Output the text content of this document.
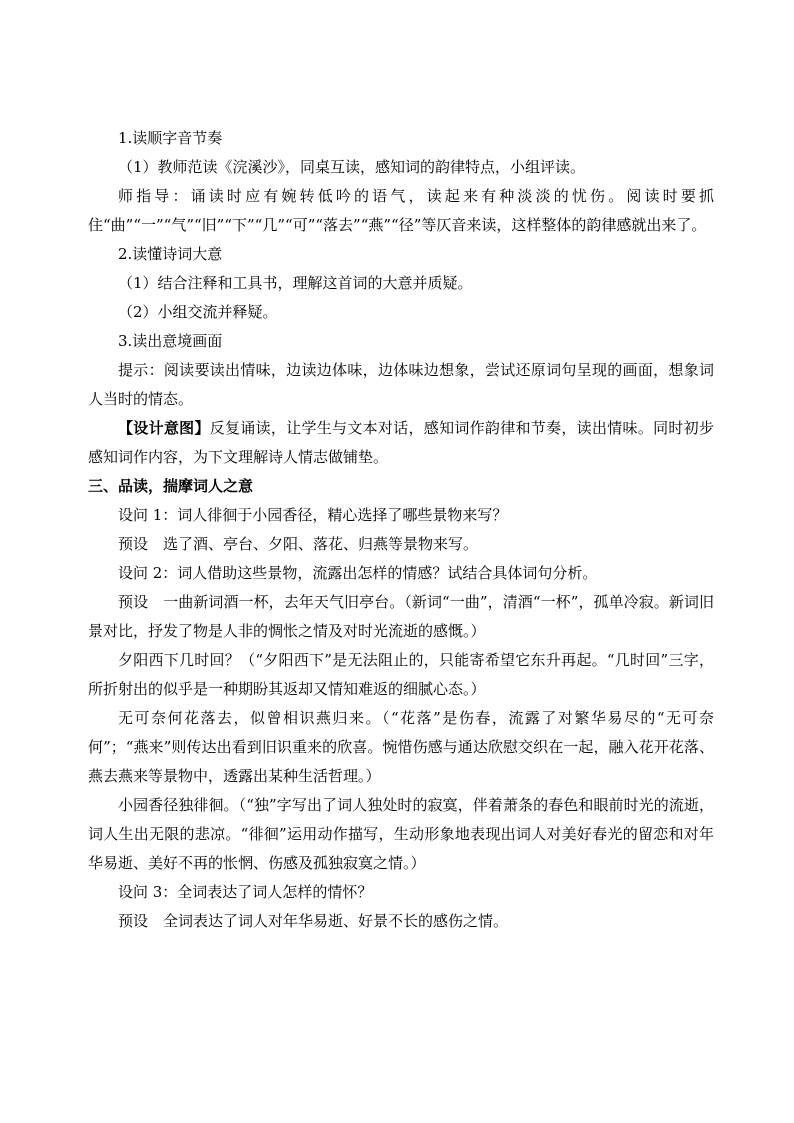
1.读顺字音节奏

（1）教师范读《浣溪沙》，同桌互读，感知词的韵律特点，小组评读。

师指导：诵读时应有婉转低吟的语气，读起来有种淡淡的忧伤。阅读时要抓住“曲”“一”“气”“旧”“下”“几”“可”“落去”“燕”“径”等仄音来读，这样整体的韵律感就出来了。

2.读懂诗词大意

（1）结合注释和工具书，理解这首词的大意并质疑。

（2）小组交流并释疑。

3.读出意境画面

提示：阅读要读出情味，边读边体味，边体味边想象，尝试还原词句呈现的画面，想象词人当时的情态。

【设计意图】反复诵读，让学生与文本对话，感知词作韵律和节奏，读出情味。同时初步感知词作内容，为下文理解诗人情志做铺垫。

三、品读，揣摩词人之意

设问 1：词人徘徊于小园香径，精心选择了哪些景物来写？

预设　选了酒、亭台、夕阳、落花、归燕等景物来写。

设问 2：词人借助这些景物，流露出怎样的情感？试结合具体词句分析。

预设　一曲新词酒一杯，去年天气旧亭台。（新词“一曲”，清酒“一杯”，孤单冷寂。新词旧景对比，抒发了物是人非的惆怅之情及对时光流逝的感慨。）

夕阳西下几时回？（“夕阳西下”是无法阻止的，只能寄希望它东升再起。“几时回”三字，所折射出的似乎是一种期盼其返却又情知难返的细腻心态。）

无可奈何花落去，似曾相识燕归来。（“花落”是伤春，流露了对繁华易尽的“无可奈何”；“燕来”则传达出看到旧识重来的欣喜。惋惜伤感与通达欣慰交织在一起，融入花开花落、燕去燕来等景物中，透露出某种生活哲理。）

小园香径独徘徊。（“独”字写出了词人独处时的寂寞，伴着萧条的春色和眼前时光的流逝，词人生出无限的悲凉。“徘徊”运用动作描写，生动形象地表现出词人对美好春光的留恋和对年华易逝、美好不再的怅惘、伤感及孤独寂寞之情。）

设问 3：全词表达了词人怎样的情怀？

预设　全词表达了词人对年华易逝、好景不长的感伤之情。
